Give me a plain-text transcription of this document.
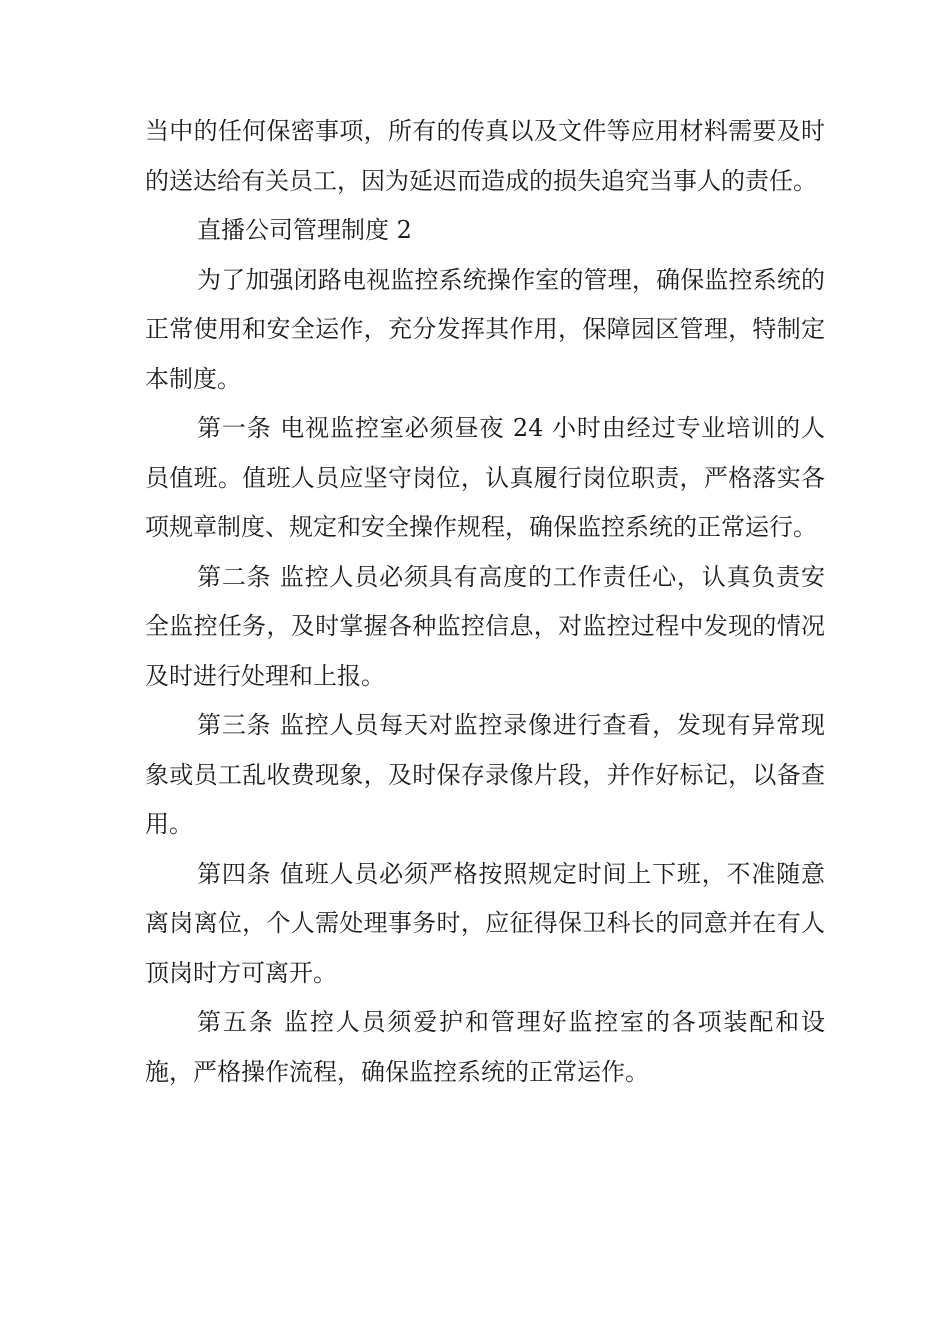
当中的任何保密事项，所有的传真以及文件等应用材料需要及时的送达给有关员工，因为延迟而造成的损失追究当事人的责任。

直播公司管理制度 2

为了加强闭路电视监控系统操作室的管理，确保监控系统的正常使用和安全运作，充分发挥其作用，保障园区管理，特制定本制度。

第一条 电视监控室必须昼夜 24 小时由经过专业培训的人员值班。值班人员应坚守岗位，认真履行岗位职责，严格落实各项规章制度、规定和安全操作规程，确保监控系统的正常运行。

第二条 监控人员必须具有高度的工作责任心，认真负责安全监控任务，及时掌握各种监控信息，对监控过程中发现的情况及时进行处理和上报。

第三条 监控人员每天对监控录像进行查看，发现有异常现象或员工乱收费现象，及时保存录像片段，并作好标记，以备查用。

第四条 值班人员必须严格按照规定时间上下班，不准随意离岗离位，个人需处理事务时，应征得保卫科长的同意并在有人顶岗时方可离开。

第五条 监控人员须爱护和管理好监控室的各项装配和设施，严格操作流程，确保监控系统的正常运作。
